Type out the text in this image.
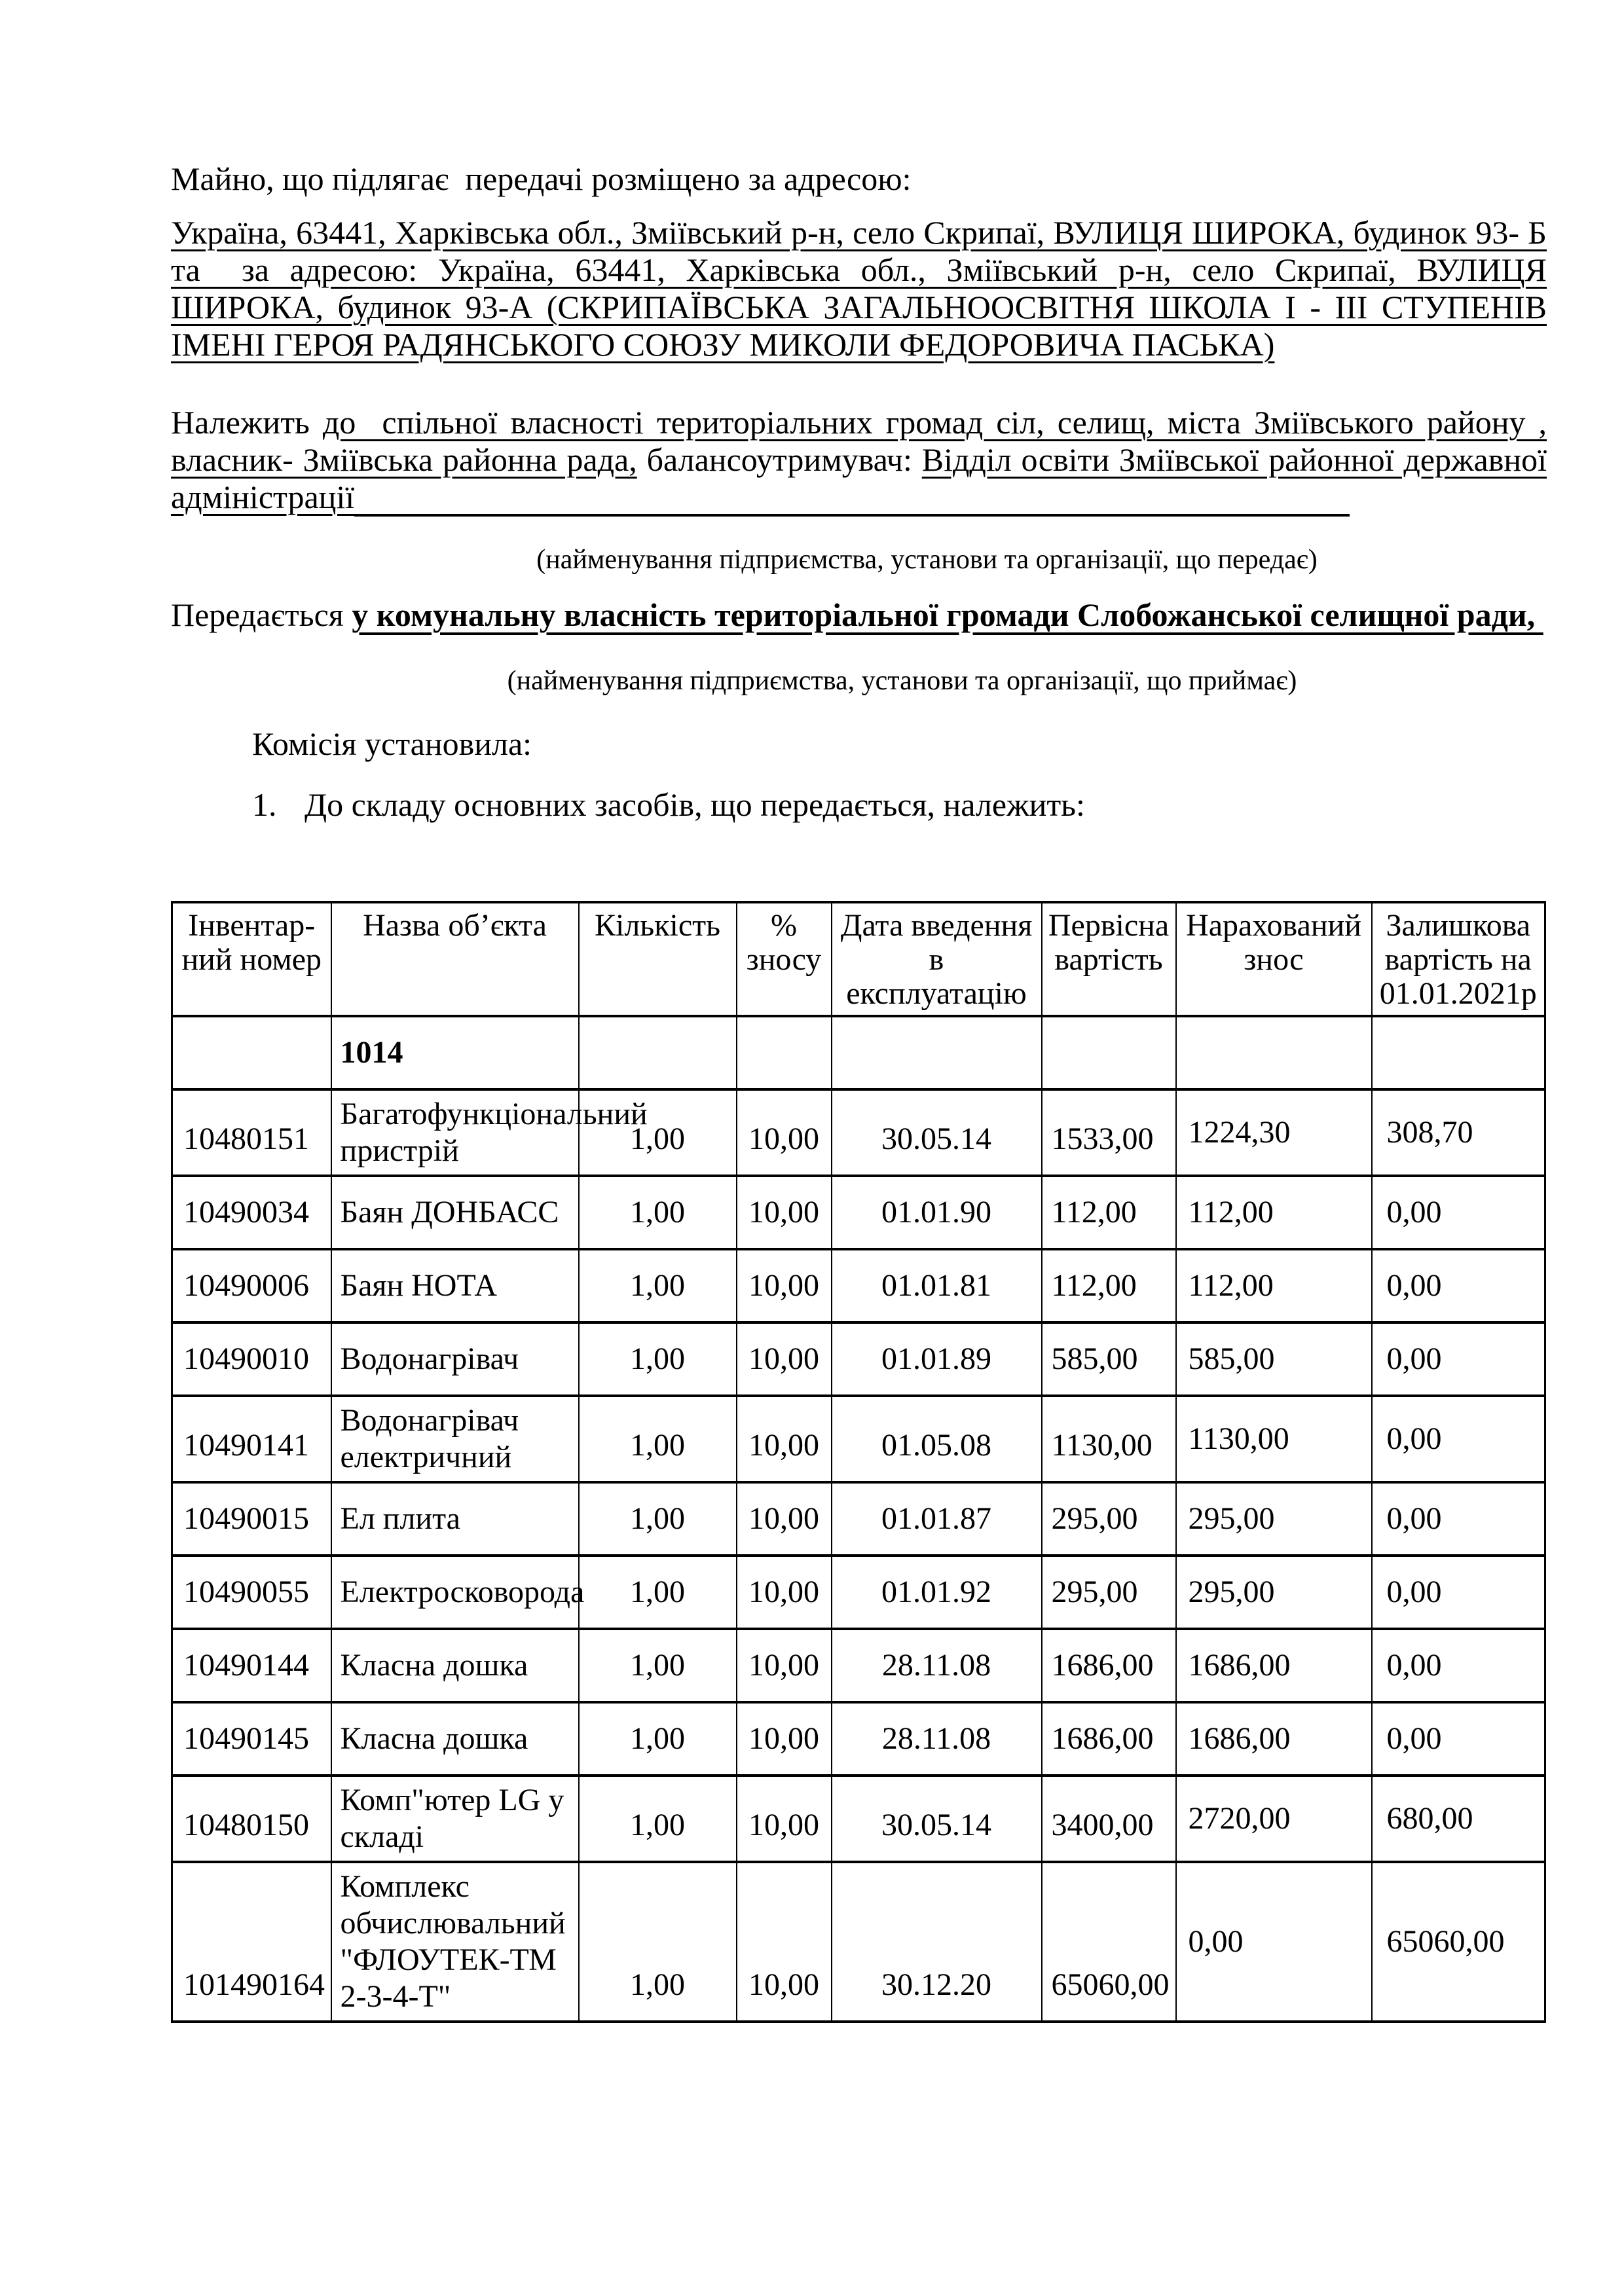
Майно, що підлягає  передачі розміщено за адресою:

Україна, 63441, Харківська обл., Зміївський р-н, село Скрипаї, ВУЛИЦЯ ШИРОКА, будинок 93- Б та  за адресою: Україна, 63441, Харківська обл., Зміївський р-н, село Скрипаї, ВУЛИЦЯ ШИРОКА, будинок 93-А (СКРИПАЇВСЬКА ЗАГАЛЬНООСВІТНЯ ШКОЛА І - ІІІ СТУПЕНІВ ІМЕНІ ГЕРОЯ РАДЯНСЬКОГО СОЮЗУ МИКОЛИ ФЕДОРОВИЧА ПАСЬКА)

Належить до  спільної власності територіальних громад сіл, селищ, міста Зміївського району , власник- Зміївська районна рада, балансоутримувач: Відділ освіти Зміївської районної державної адміністрації

(найменування підприємства, установи та організації, що передає)

Передається у комунальну власність територіальної громади Слобожанської селищної ради,

(найменування підприємства, установи та організації, що приймає)

Комісія установила:

1. До складу основних засобів, що передається, належить:

Інвентар-ний номер	Назва об’єкта	Кількість	% зносу	Дата введення в експлуатацію	Первісна вартість	Нарахований знос	Залишкова вартість на 01.01.2021р
	1014						
10480151	Багатофункціональний пристрій	1,00	10,00	30.05.14	1533,00	1224,30	308,70
10490034	Баян ДОНБАСС	1,00	10,00	01.01.90	112,00	112,00	0,00
10490006	Баян НОТА	1,00	10,00	01.01.81	112,00	112,00	0,00
10490010	Водонагрівач	1,00	10,00	01.01.89	585,00	585,00	0,00
10490141	Водонагрівач електричний	1,00	10,00	01.05.08	1130,00	1130,00	0,00
10490015	Ел плита	1,00	10,00	01.01.87	295,00	295,00	0,00
10490055	Електросковорода	1,00	10,00	01.01.92	295,00	295,00	0,00
10490144	Класна дошка	1,00	10,00	28.11.08	1686,00	1686,00	0,00
10490145	Класна дошка	1,00	10,00	28.11.08	1686,00	1686,00	0,00
10480150	Комп"ютер LG у складі	1,00	10,00	30.05.14	3400,00	2720,00	680,00
101490164	Комплекс обчислювальний "ФЛОУТЕК-ТМ 2-3-4-Т"	1,00	10,00	30.12.20	65060,00	0,00	65060,00
